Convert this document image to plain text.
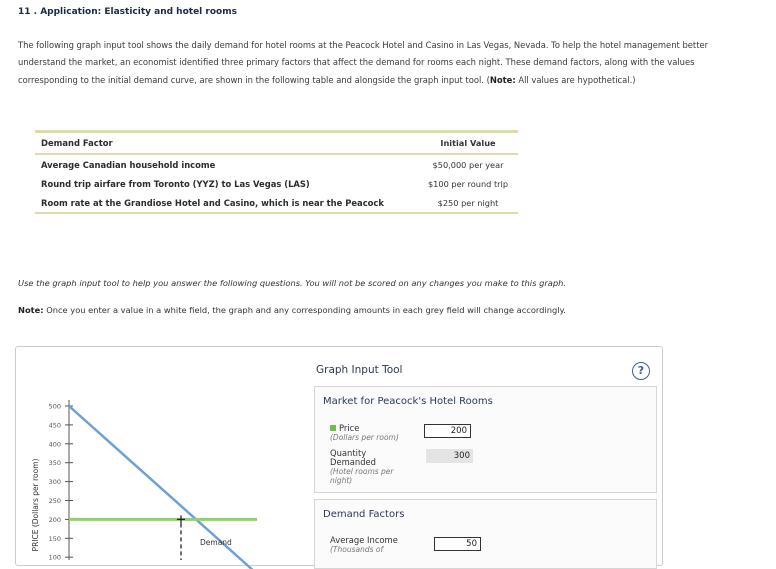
11 . Application: Elasticity and hotel rooms
The following graph input tool shows the daily demand for hotel rooms at the Peacock Hotel and Casino in Las Vegas, Nevada. To help the hotel management better understand the market, an economist identified three primary factors that affect the demand for rooms each night. These demand factors, along with the values corresponding to the initial demand curve, are shown in the following table and alongside the graph input tool. (Note: All values are hypothetical.)
Demand Factor	Initial Value
Average Canadian household income	$50,000 per year
Round trip airfare from Toronto (YYZ) to Las Vegas (LAS)	$100 per round trip
Room rate at the Grandiose Hotel and Casino, which is near the Peacock	$250 per night
Use the graph input tool to help you answer the following questions. You will not be scored on any changes you make to this graph.
Note: Once you enter a value in a white field, the graph and any corresponding amounts in each grey field will change accordingly.
500
450
400
350
300
250
200
150
100
PRICE (Dollars per room)	Demand
Graph Input Tool	?
Market for Peacock's Hotel Rooms
Price
(Dollars per room)
200
Quantity
Demanded
(Hotel rooms per
night)
300
Demand Factors
Average Income
(Thousands of
50
